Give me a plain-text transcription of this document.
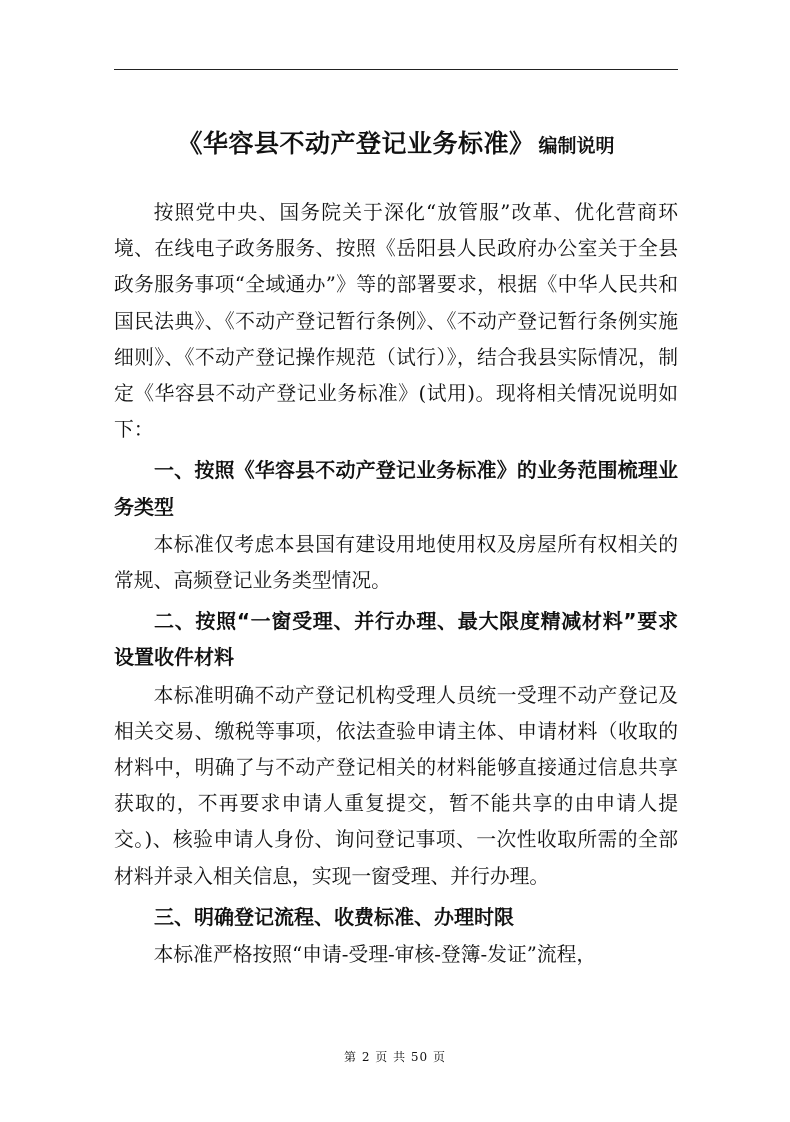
《华容县不动产登记业务标准》 编制说明

按照党中央、国务院关于深化“放管服”改革、优化营商环境、在线电子政务服务、按照《岳阳县人民政府办公室关于全县政务服务事项“全域通办”》等的部署要求，根据《中华人民共和国民法典》、《不动产登记暂行条例》、《不动产登记暂行条例实施细则》、《不动产登记操作规范（试行）》，结合我县实际情况，制定《华容县不动产登记业务标准》(试用)。现将相关情况说明如下：

一、按照《华容县不动产登记业务标准》的业务范围梳理业务类型

本标准仅考虑本县国有建设用地使用权及房屋所有权相关的常规、高频登记业务类型情况。

二、按照“一窗受理、并行办理、最大限度精减材料”要求设置收件材料

本标准明确不动产登记机构受理人员统一受理不动产登记及相关交易、缴税等事项，依法查验申请主体、申请材料（收取的材料中，明确了与不动产登记相关的材料能够直接通过信息共享获取的，不再要求申请人重复提交，暂不能共享的由申请人提交。)、核验申请人身份、询问登记事项、一次性收取所需的全部材料并录入相关信息，实现一窗受理、并行办理。

三、明确登记流程、收费标准、办理时限

本标准严格按照“申请-受理-审核-登簿-发证”流程，

第 2 页 共 50 页
